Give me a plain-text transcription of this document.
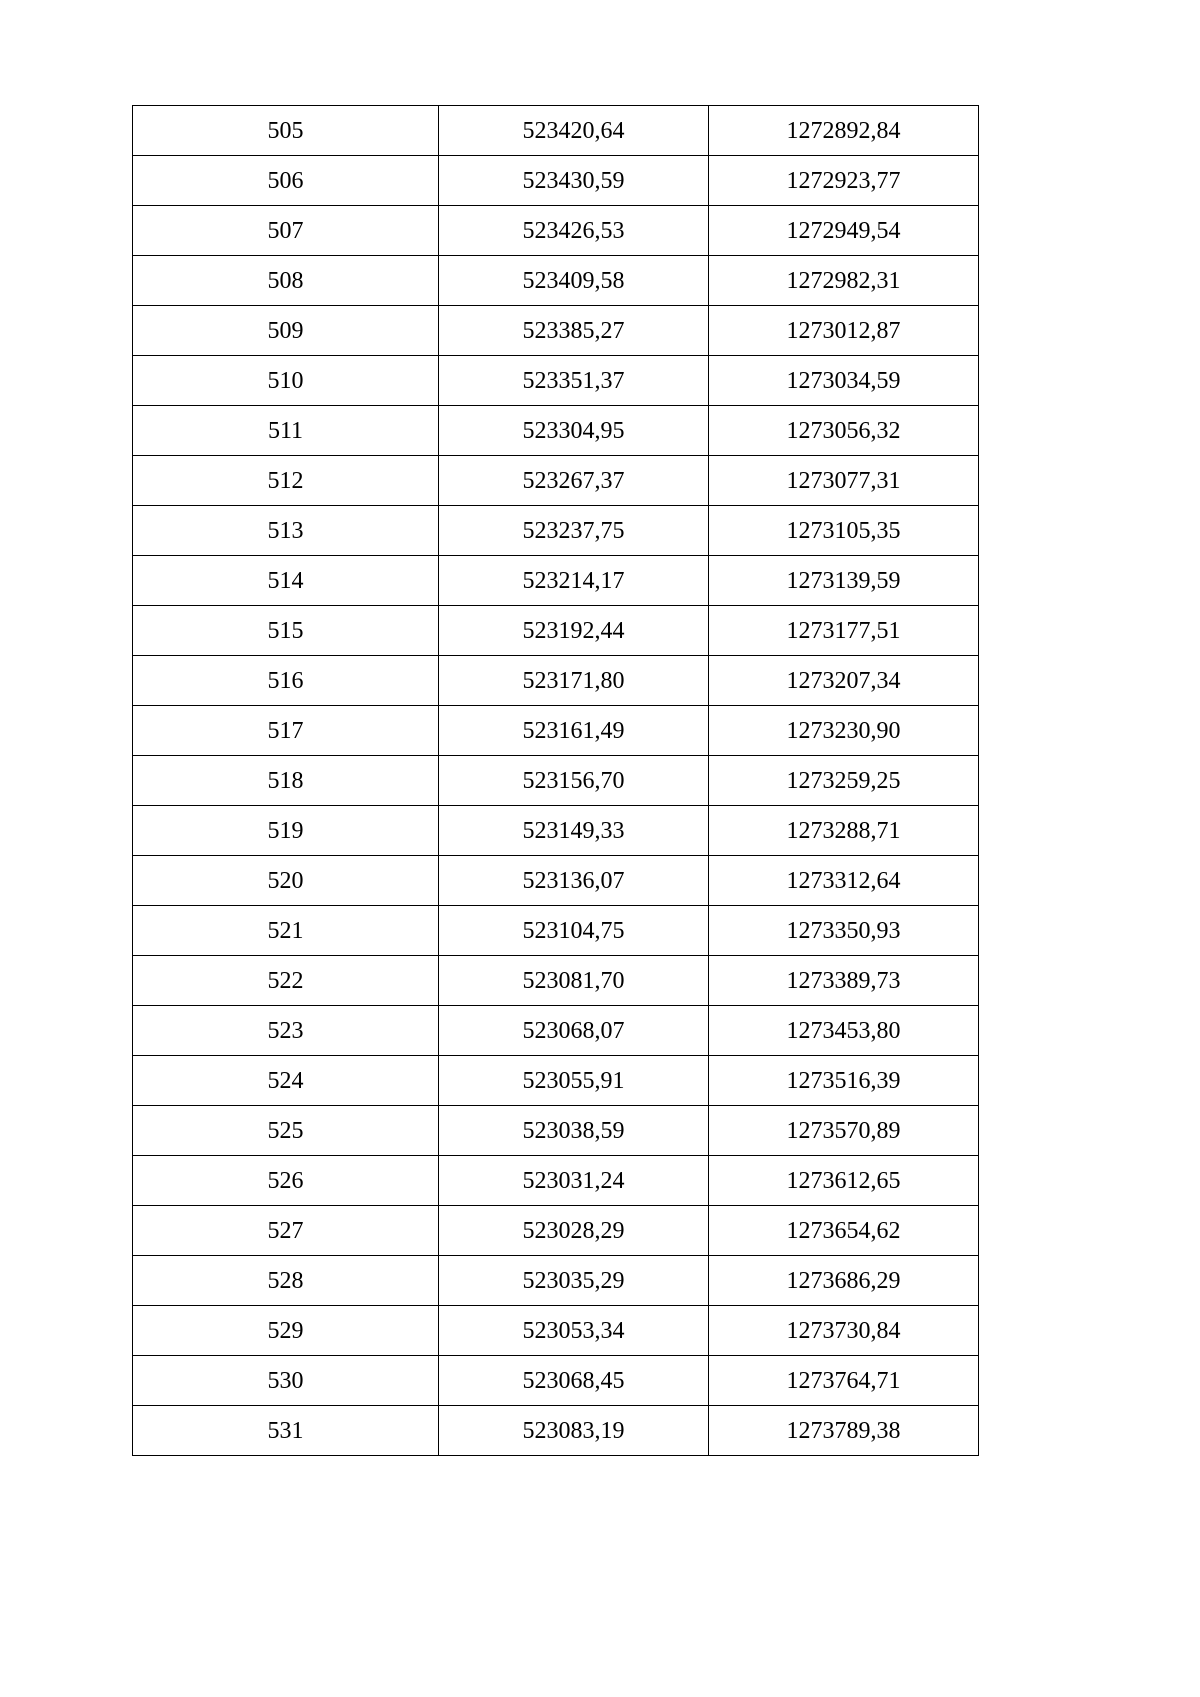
505	523420,64	1272892,84
506	523430,59	1272923,77
507	523426,53	1272949,54
508	523409,58	1272982,31
509	523385,27	1273012,87
510	523351,37	1273034,59
511	523304,95	1273056,32
512	523267,37	1273077,31
513	523237,75	1273105,35
514	523214,17	1273139,59
515	523192,44	1273177,51
516	523171,80	1273207,34
517	523161,49	1273230,90
518	523156,70	1273259,25
519	523149,33	1273288,71
520	523136,07	1273312,64
521	523104,75	1273350,93
522	523081,70	1273389,73
523	523068,07	1273453,80
524	523055,91	1273516,39
525	523038,59	1273570,89
526	523031,24	1273612,65
527	523028,29	1273654,62
528	523035,29	1273686,29
529	523053,34	1273730,84
530	523068,45	1273764,71
531	523083,19	1273789,38
